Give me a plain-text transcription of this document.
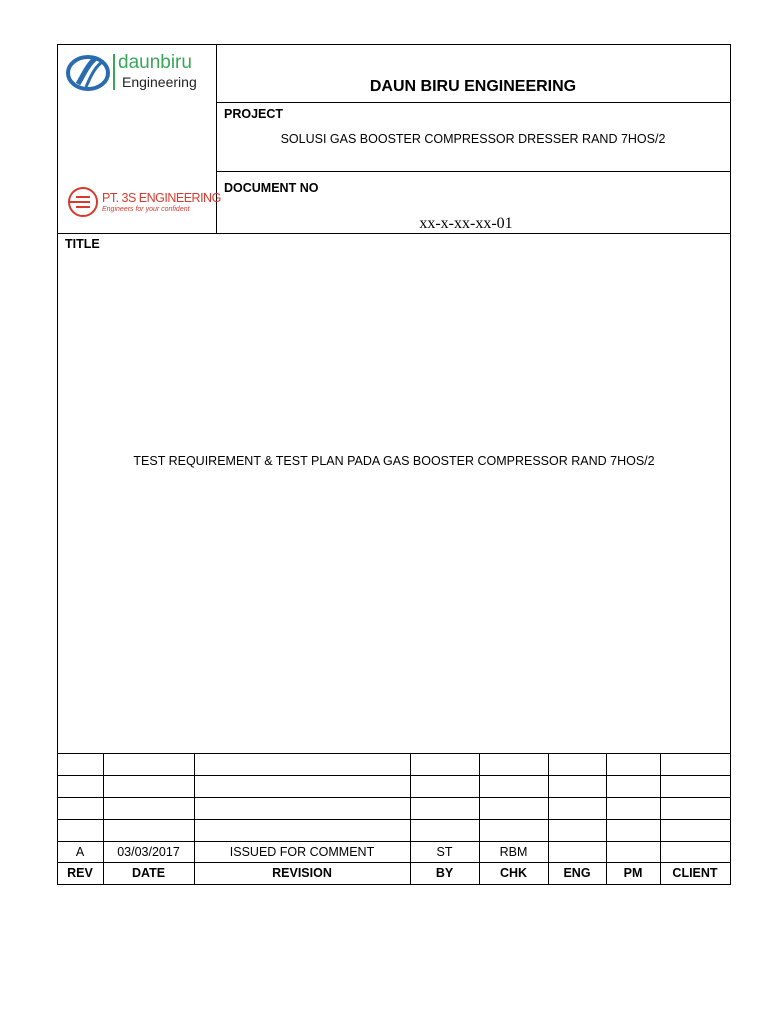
daunbiru
Engineering
PT. 3S ENGINEERING
Engineers for your confident
DAUN BIRU ENGINEERING
PROJECT
SOLUSI GAS BOOSTER COMPRESSOR DRESSER RAND 7HOS/2
DOCUMENT NO
xx-x-xx-xx-01
TITLE
TEST REQUIREMENT & TEST PLAN PADA GAS BOOSTER COMPRESSOR RAND 7HOS/2
A	03/03/2017	ISSUED FOR COMMENT	ST	RBM
REV	DATE	REVISION	BY	CHK	ENG	PM	CLIENT
